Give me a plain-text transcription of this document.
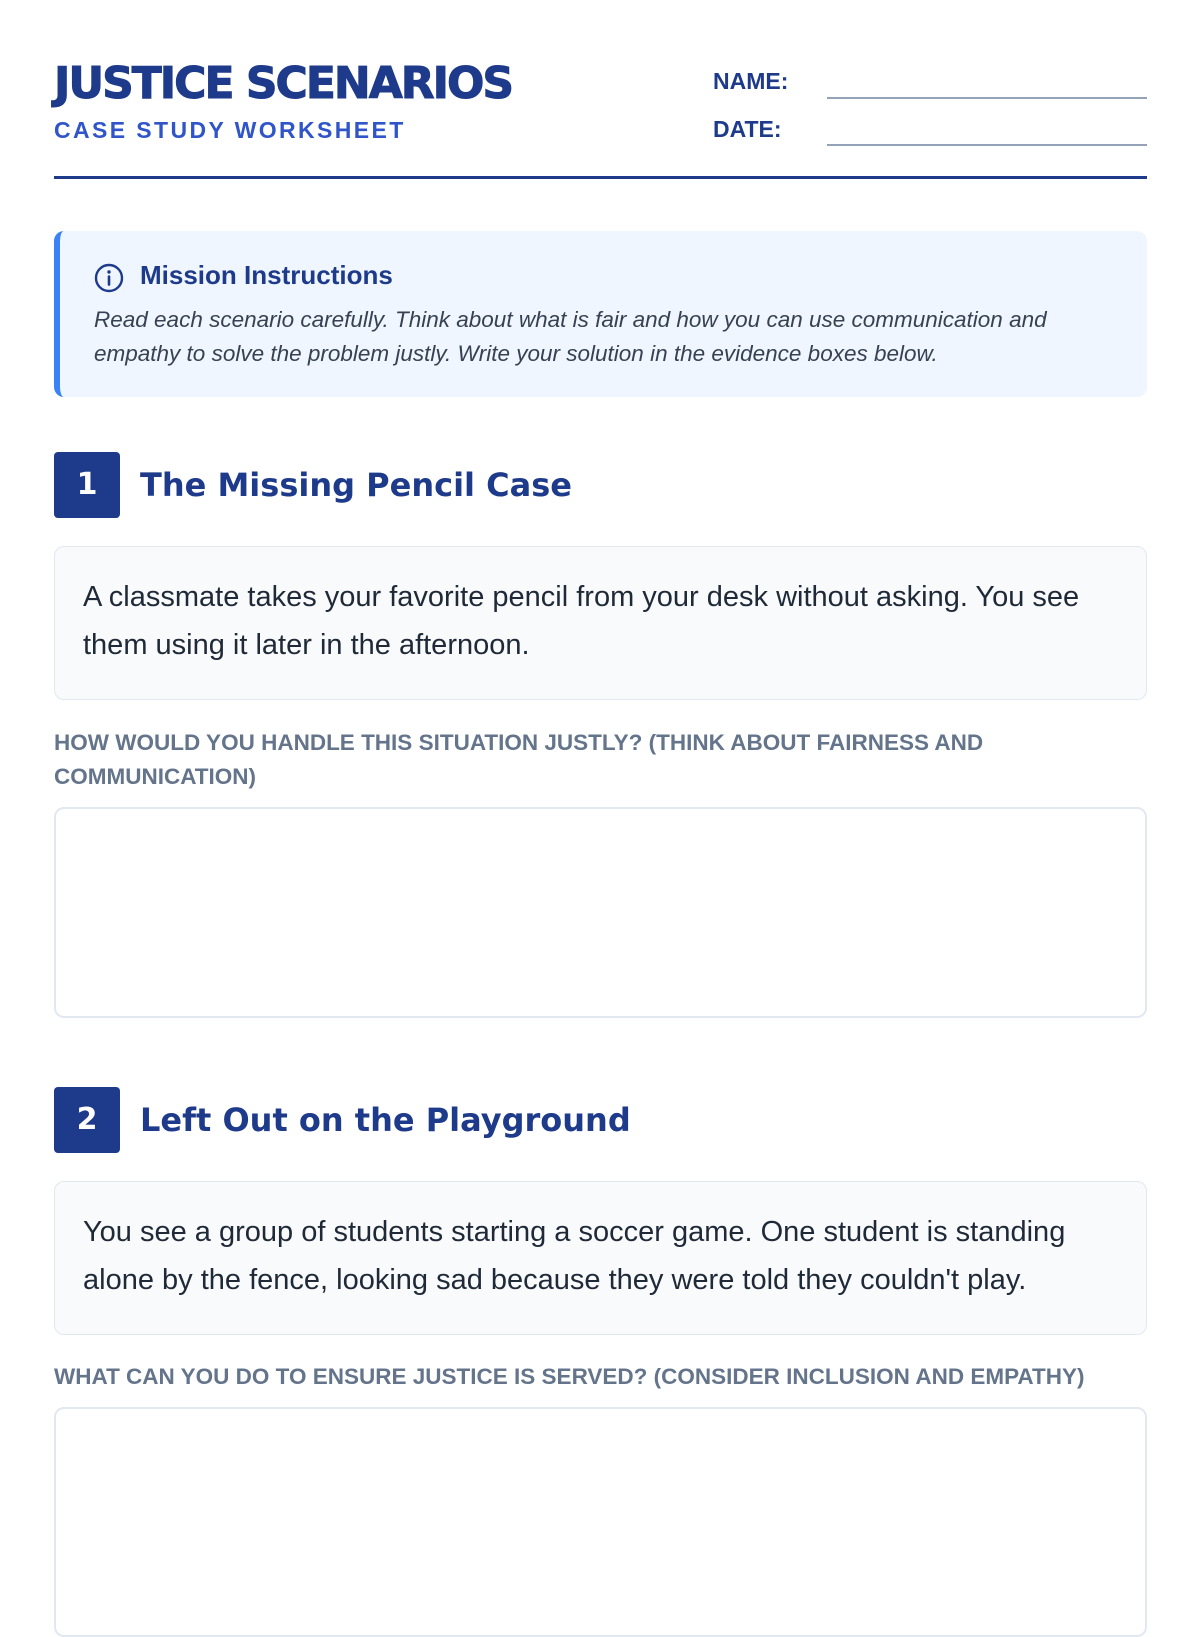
JUSTICE SCENARIOS
CASE STUDY WORKSHEET
NAME:
DATE:
Mission Instructions
Read each scenario carefully. Think about what is fair and how you can use communication and empathy to solve the problem justly. Write your solution in the evidence boxes below.
1	The Missing Pencil Case
A classmate takes your favorite pencil from your desk without asking. You see them using it later in the afternoon.
HOW WOULD YOU HANDLE THIS SITUATION JUSTLY? (THINK ABOUT FAIRNESS AND COMMUNICATION)
2	Left Out on the Playground
You see a group of students starting a soccer game. One student is standing alone by the fence, looking sad because they were told they couldn't play.
WHAT CAN YOU DO TO ENSURE JUSTICE IS SERVED? (CONSIDER INCLUSION AND EMPATHY)
